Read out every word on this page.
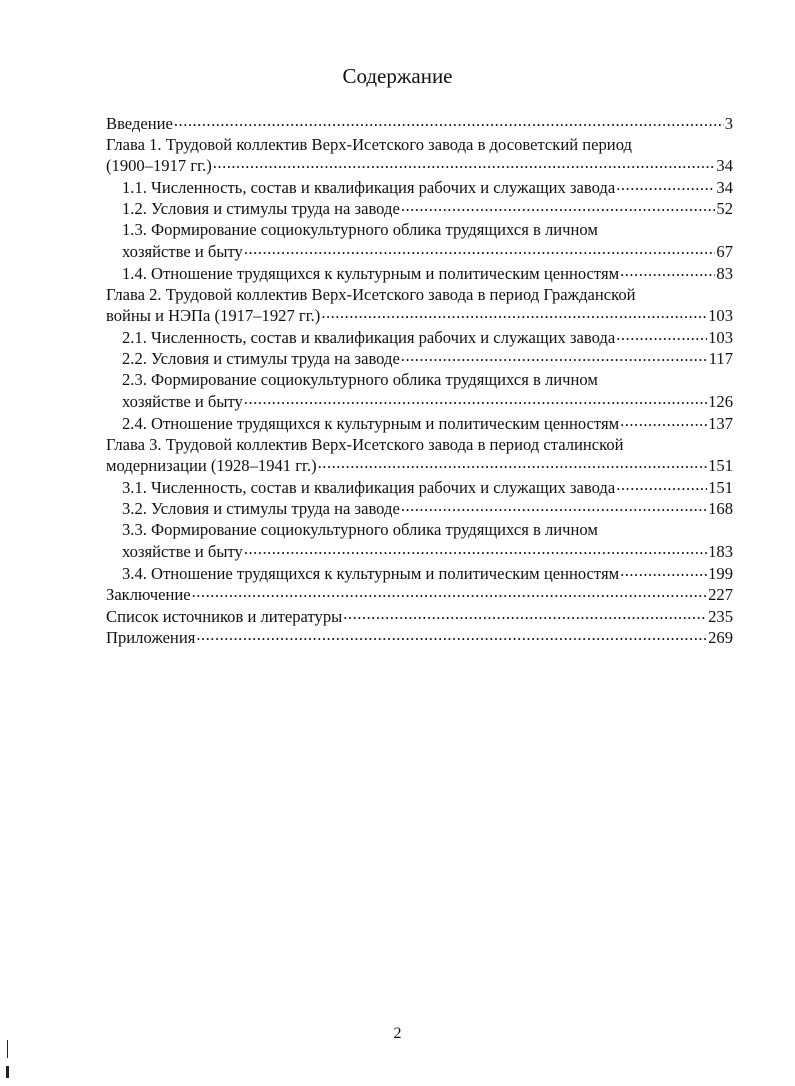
Содержание
Введение .....	3
Глава 1. Трудовой коллектив Верх-Исетского завода в досоветский период
(1900–1917 гг.) .....	34
1.1. Численность, состав и квалификация рабочих и служащих завода .....	34
1.2. Условия и стимулы труда на заводе .....	52
1.3. Формирование социокультурного облика трудящихся в личном
хозяйстве и быту .....	67
1.4. Отношение трудящихся к культурным и политическим ценностям .....	83
Глава 2. Трудовой коллектив Верх-Исетского завода в период Гражданской
войны и НЭПа (1917–1927 гг.) .....	103
2.1. Численность, состав и квалификация рабочих и служащих завода .....	103
2.2. Условия и стимулы труда на заводе .....	117
2.3. Формирование социокультурного облика трудящихся в личном
хозяйстве и быту .....	126
2.4. Отношение трудящихся к культурным и политическим ценностям .....	137
Глава 3. Трудовой коллектив Верх-Исетского завода в период сталинской
модернизации (1928–1941 гг.) .....	151
3.1. Численность, состав и квалификация рабочих и служащих завода .....	151
3.2. Условия и стимулы труда на заводе .....	168
3.3. Формирование социокультурного облика трудящихся в личном
хозяйстве и быту .....	183
3.4. Отношение трудящихся к культурным и политическим ценностям .....	199
Заключение .....	227
Список источников и литературы .....	235
Приложения .....	269
2
